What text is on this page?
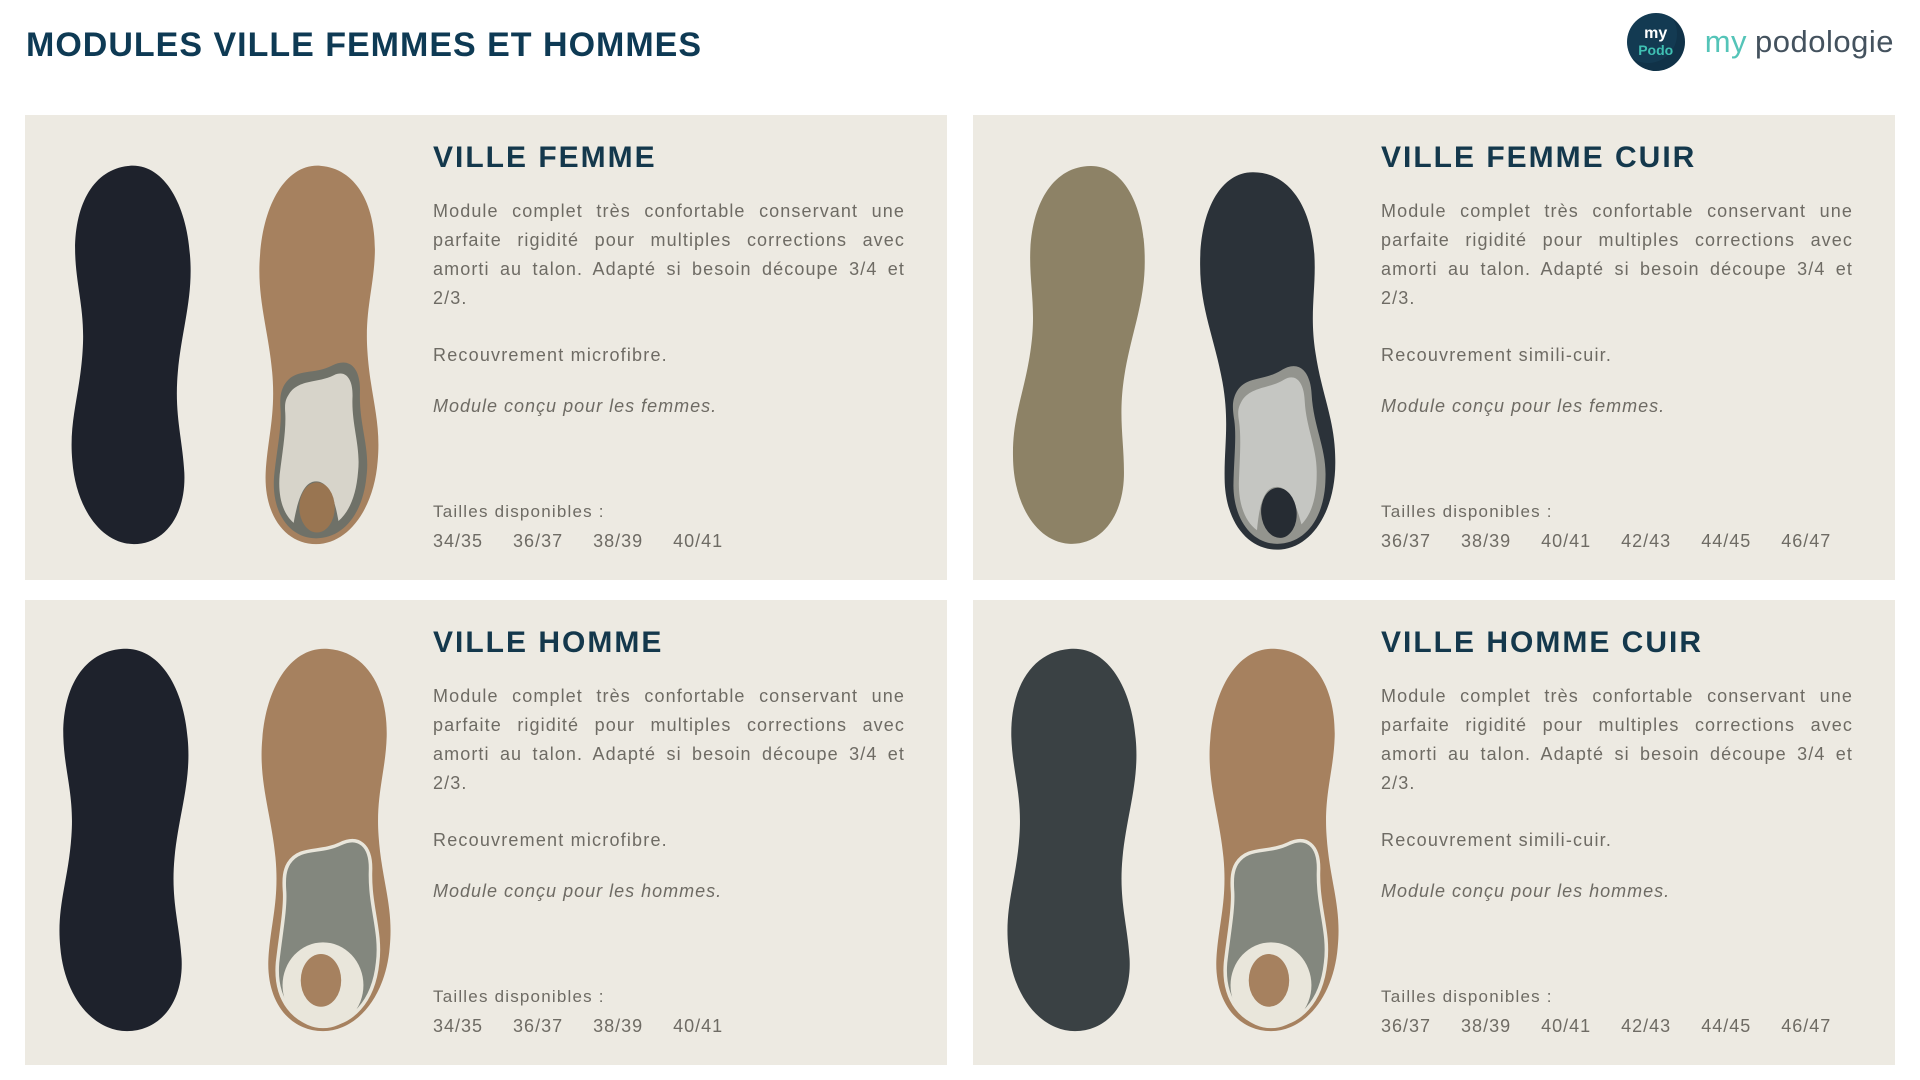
MODULES VILLE FEMMES ET HOMMES	my
Podo my podologie
VILLE FEMME

Module complet très confortable conservant une parfaite rigidité pour multiples corrections avec amorti au talon. Adapté si besoin découpe 3/4 et 2/3.

Recouvrement microfibre.

Module conçu pour les femmes.

Tailles disponibles :

34/35 36/37 38/39 40/41
VILLE FEMME CUIR

Module complet très confortable conservant une parfaite rigidité pour multiples corrections avec amorti au talon. Adapté si besoin découpe 3/4 et 2/3.

Recouvrement simili-cuir.

Module conçu pour les femmes.

Tailles disponibles :

36/37 38/39 40/41 42/43 44/45 46/47
VILLE HOMME

Module complet très confortable conservant une parfaite rigidité pour multiples corrections avec amorti au talon. Adapté si besoin découpe 3/4 et 2/3.

Recouvrement microfibre.

Module conçu pour les hommes.

Tailles disponibles :

34/35 36/37 38/39 40/41
VILLE HOMME CUIR

Module complet très confortable conservant une parfaite rigidité pour multiples corrections avec amorti au talon. Adapté si besoin découpe 3/4 et 2/3.

Recouvrement simili-cuir.

Module conçu pour les hommes.

Tailles disponibles :

36/37 38/39 40/41 42/43 44/45 46/47
